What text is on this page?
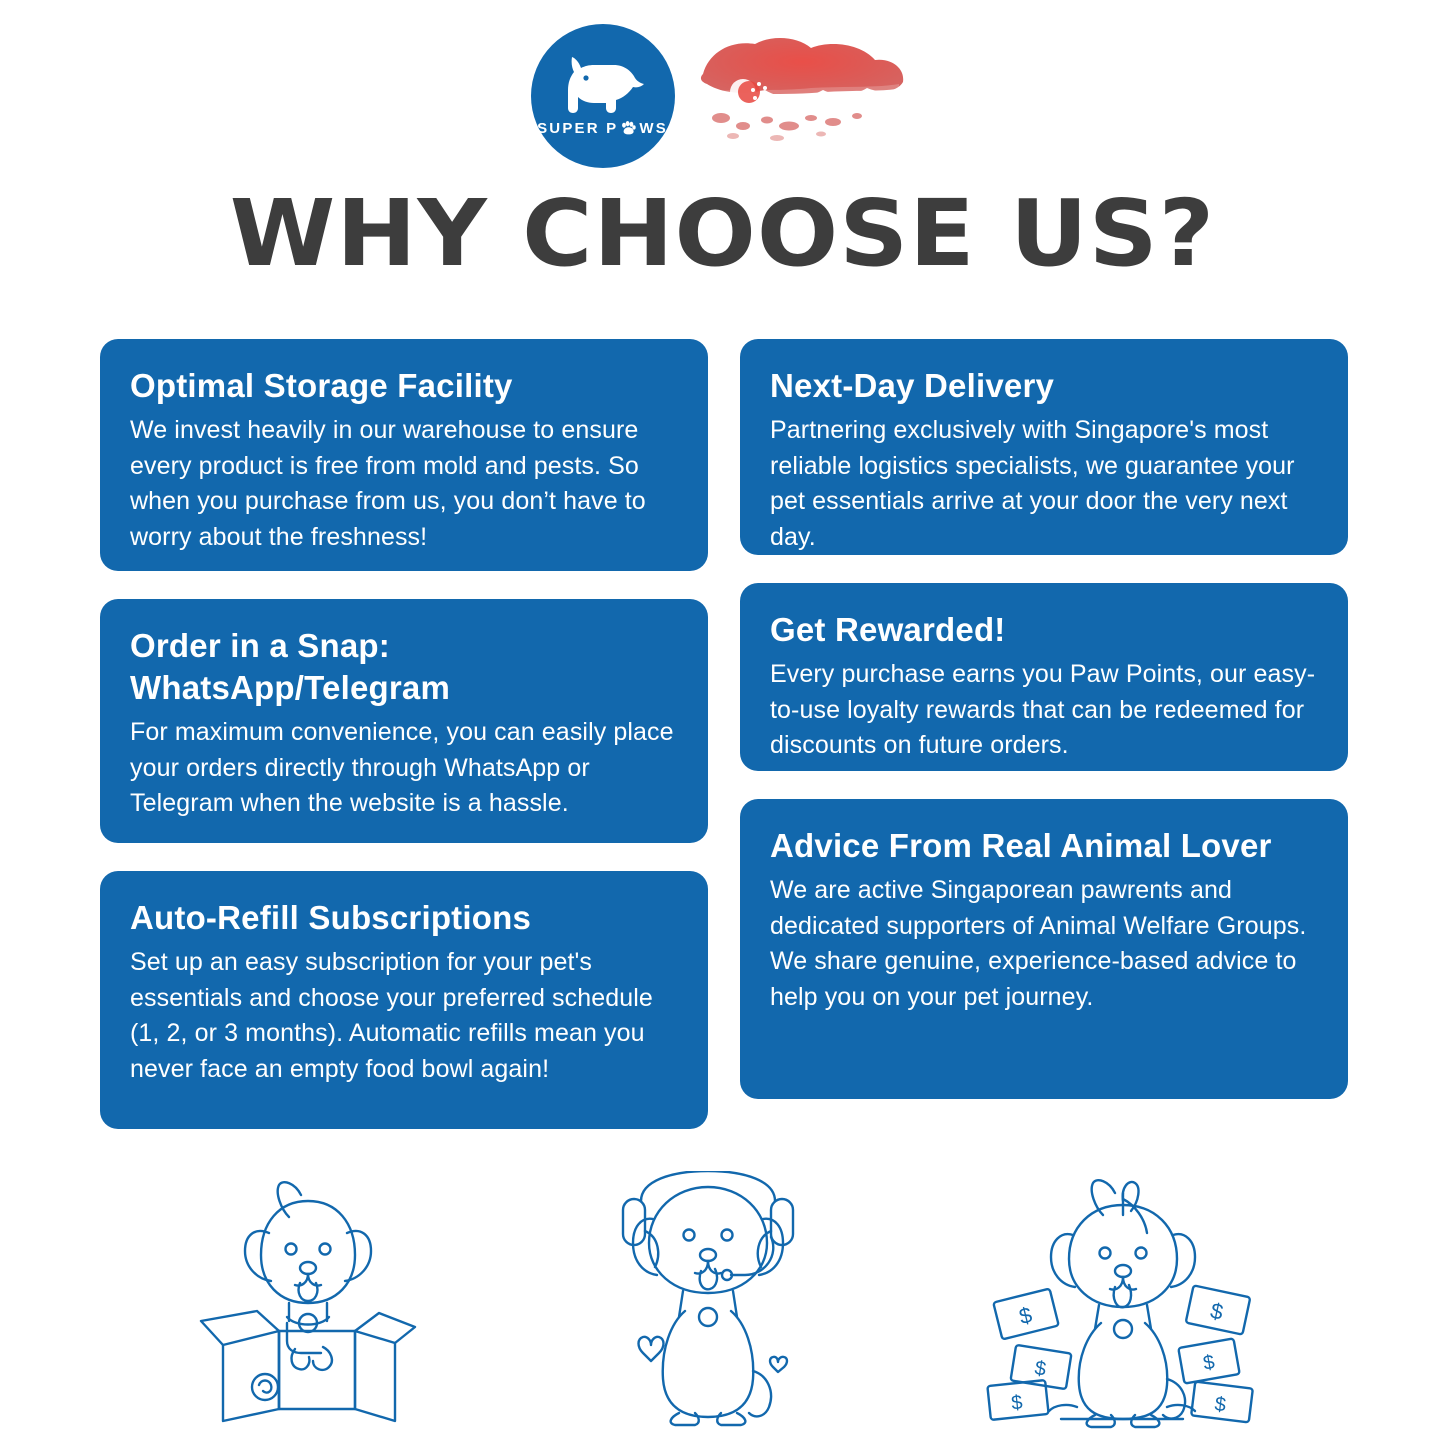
SUPER P WS
WHY CHOOSE US?
Optimal Storage Facility

We invest heavily in our warehouse to ensure every product is free from mold and pests. So when you purchase from us, you don’t have to worry about the freshness!

Order in a Snap: WhatsApp/Telegram

For maximum convenience, you can easily place your orders directly through WhatsApp or Telegram when the website is a hassle.

Auto-Refill Subscriptions

Set up an easy subscription for your pet's essentials and choose your preferred schedule (1, 2, or 3 months). Automatic refills mean you never face an empty food bowl again!

Next-Day Delivery

Partnering exclusively with Singapore's most reliable logistics specialists, we guarantee your pet essentials arrive at your door the very next day.

Get Rewarded!

Every purchase earns you Paw Points, our easy-to-use loyalty rewards that can be redeemed for discounts on future orders.

Advice From Real Animal Lover

We are active Singaporean pawrents and dedicated supporters of Animal Welfare Groups. We share genuine, experience-based advice to help you on your pet journey.

$
$
$
$
$
$
